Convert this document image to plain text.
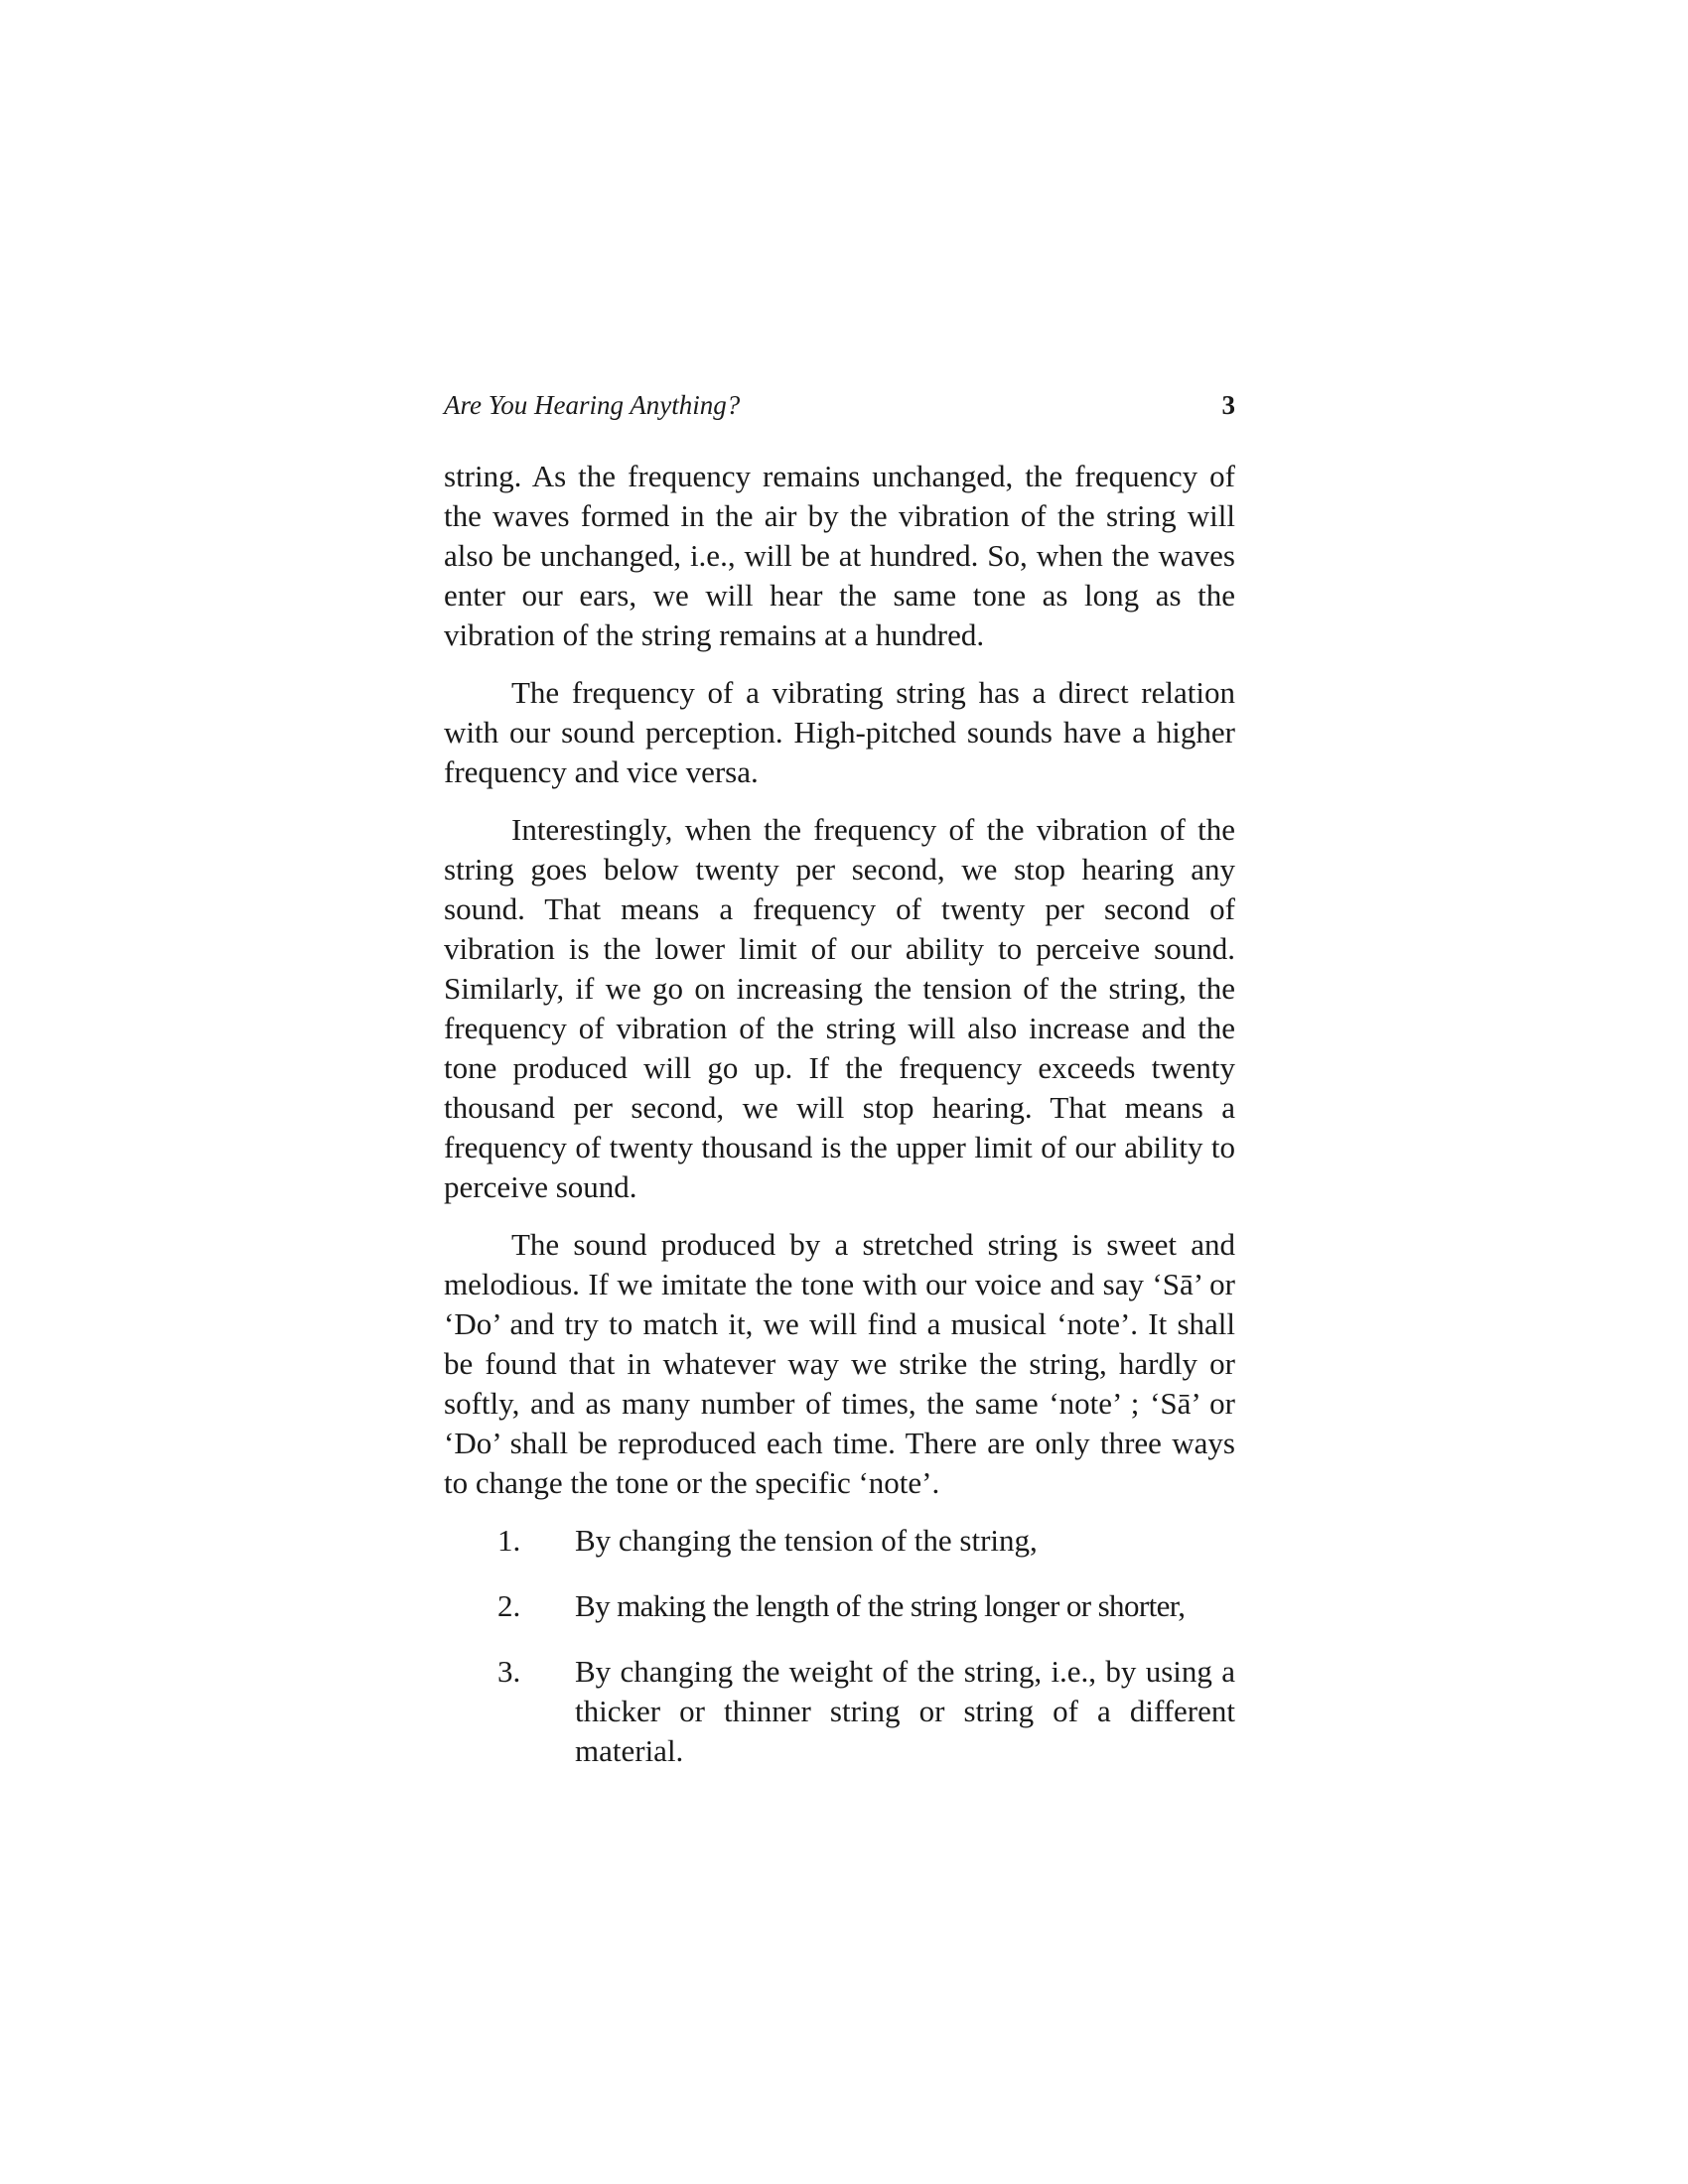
Are You Hearing Anything?	3

string. As the frequency remains unchanged, the frequency of the waves formed in the air by the vibration of the string will also be unchanged, i.e., will be at hundred. So, when the waves enter our ears, we will hear the same tone as long as the vibration of the string remains at a hundred.

The frequency of a vibrating string has a direct relation with our sound perception. High-pitched sounds have a higher frequency and vice versa.

Interestingly, when the frequency of the vibration of the string goes below twenty per second, we stop hearing any sound. That means a frequency of twenty per second of vibration is the lower limit of our ability to perceive sound. Similarly, if we go on increasing the tension of the string, the frequency of vibration of the string will also increase and the tone produced will go up. If the frequency exceeds twenty thousand per second, we will stop hearing. That means a frequency of twenty thousand is the upper limit of our ability to perceive sound.

The sound produced by a stretched string is sweet and melodious. If we imitate the tone with our voice and say ‘Sā’ or ‘Do’ and try to match it, we will find a musical ‘note’. It shall be found that in whatever way we strike the string, hardly or softly, and as many number of times, the same ‘note’ ; ‘Sā’ or ‘Do’ shall be reproduced each time. There are only three ways to change the tone or the specific ‘note’.

1. By changing the tension of the string,
2. By making the length of the string longer or shorter,
3. By changing the weight of the string, i.e., by using a thicker or thinner string or string of a different material.
